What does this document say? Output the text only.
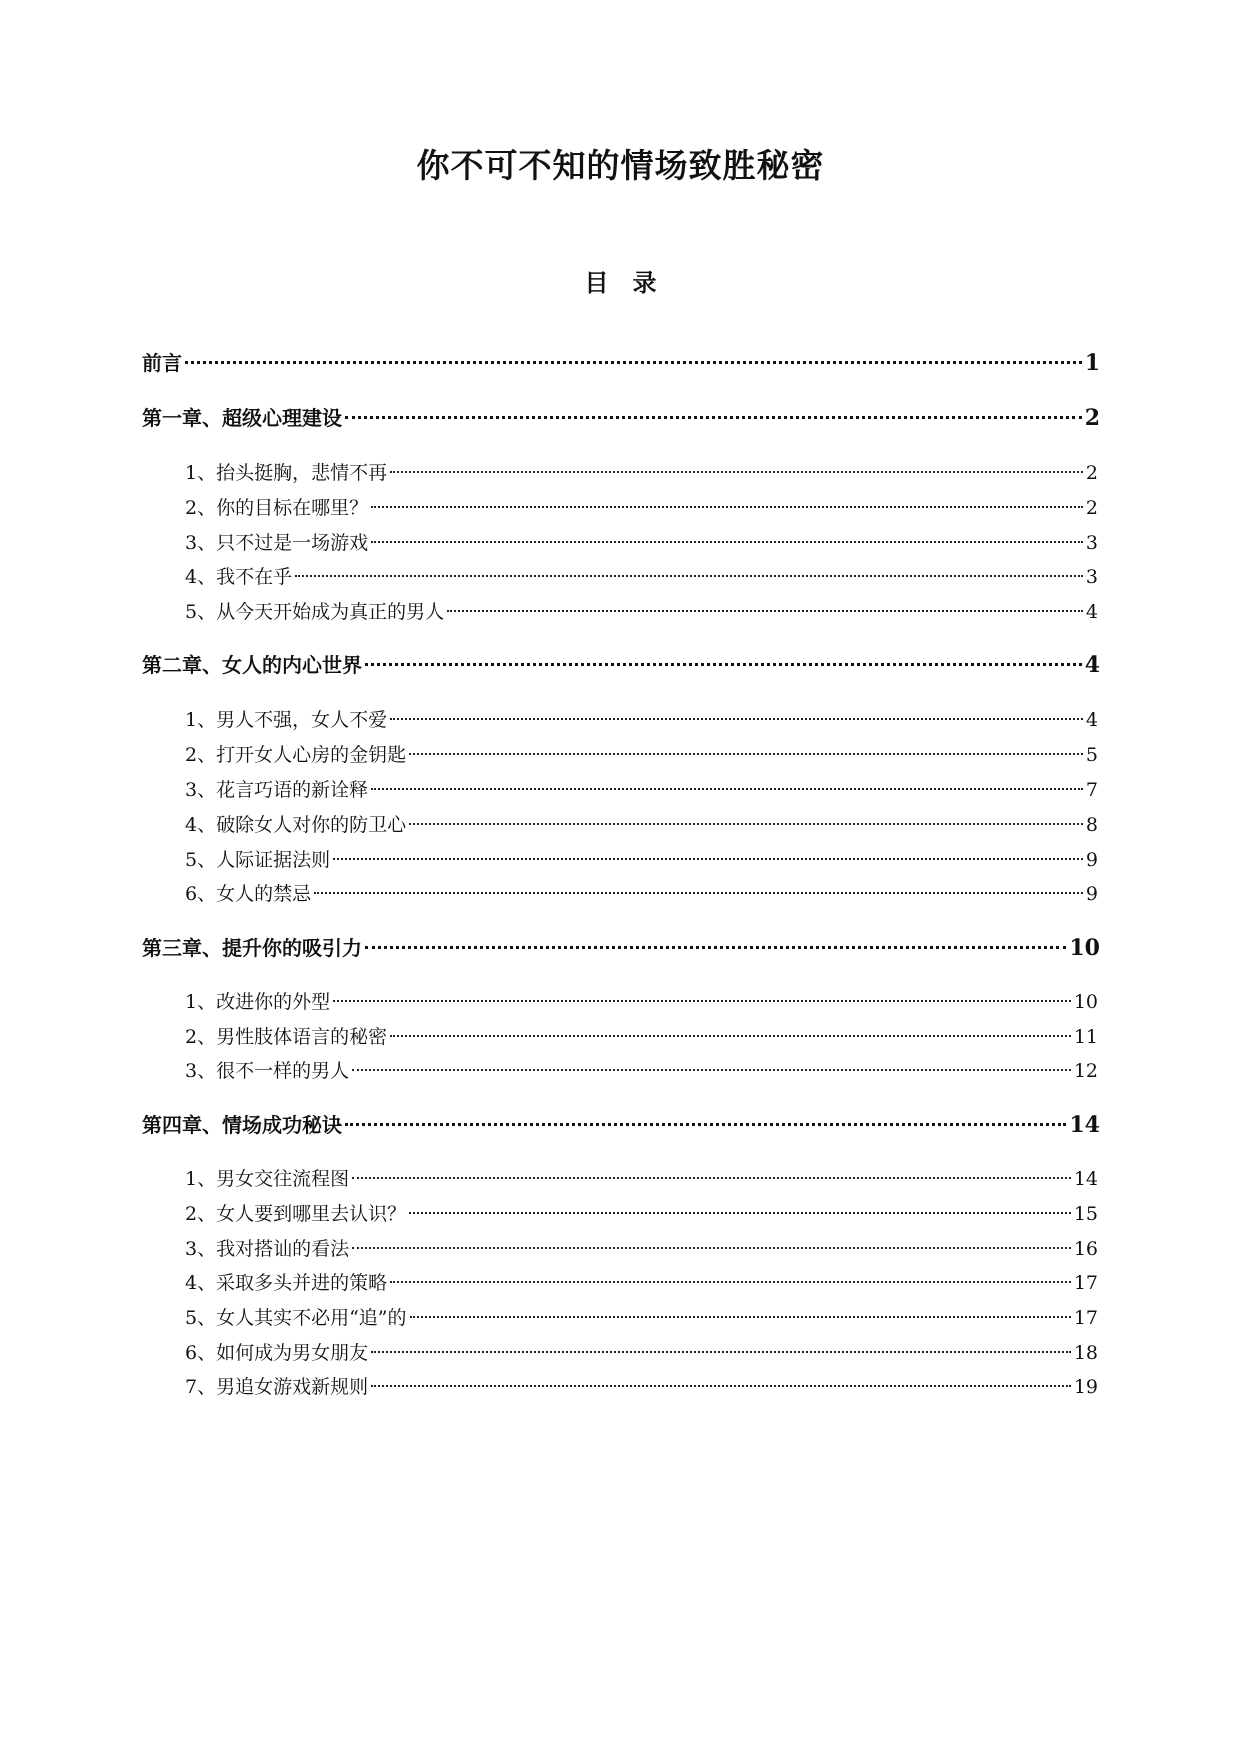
你不可不知的情场致胜秘密
目　录
前言	1
第一章、超级心理建设	2
1、抬头挺胸，悲情不再	2
2、你的目标在哪里？	2
3、只不过是一场游戏	3
4、我不在乎	3
5、从今天开始成为真正的男人	4
第二章、女人的内心世界	4
1、男人不强，女人不爱	4
2、打开女人心房的金钥匙	5
3、花言巧语的新诠释	7
4、破除女人对你的防卫心	8
5、人际证据法则	9
6、女人的禁忌	9
第三章、提升你的吸引力	10
1、改进你的外型	10
2、男性肢体语言的秘密	11
3、很不一样的男人	12
第四章、情场成功秘诀	14
1、男女交往流程图	14
2、女人要到哪里去认识？	15
3、我对搭讪的看法	16
4、采取多头并进的策略	17
5、女人其实不必用“追”的	17
6、如何成为男女朋友	18
7、男追女游戏新规则	19
